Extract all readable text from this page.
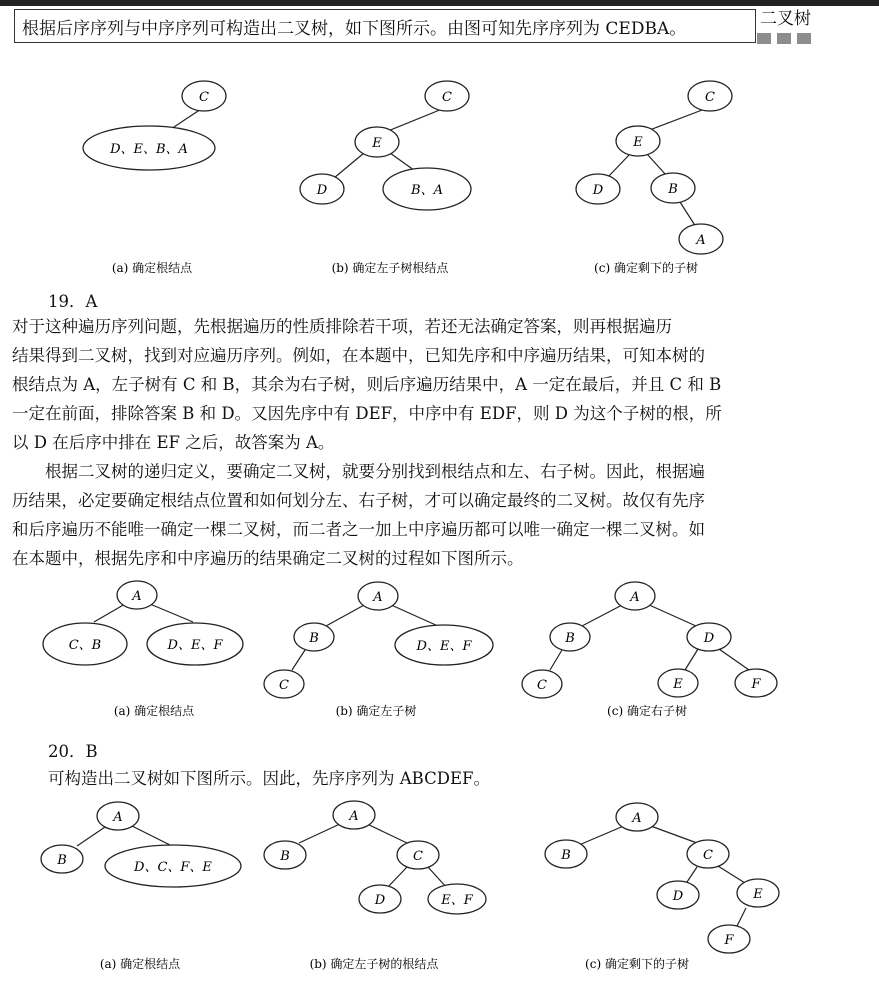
二叉树
根据后序序列与中序序列可构造出二叉树，如下图所示。由图可知先序序列为 CEDBA。
C
D、E、B、A
(a) 确定根结点
C
E
D	B、A
(b) 确定左子树根结点
C
E
D	B
A
(c) 确定剩下的子树
19．A
对于这种遍历序列问题，先根据遍历的性质排除若干项，若还无法确定答案，则再根据遍历
结果得到二叉树，找到对应遍历序列。例如，在本题中，已知先序和中序遍历结果，可知本树的
根结点为 A，左子树有 C 和 B，其余为右子树，则后序遍历结果中，A 一定在最后，并且 C 和 B
一定在前面，排除答案 B 和 D。又因先序中有 DEF，中序中有 EDF，则 D 为这个子树的根，所
以 D 在后序中排在 EF 之后，故答案为 A。
　　根据二叉树的递归定义，要确定二叉树，就要分别找到根结点和左、右子树。因此，根据遍
历结果，必定要确定根结点位置和如何划分左、右子树，才可以确定最终的二叉树。故仅有先序
和后序遍历不能唯一确定一棵二叉树，而二者之一加上中序遍历都可以唯一确定一棵二叉树。如
在本题中，根据先序和中序遍历的结果确定二叉树的过程如下图所示。
A
C、B	D、E、F
(a) 确定根结点
A
B
C
D、E、F
(b) 确定左子树
A
B
C
D
E	F
(c) 确定右子树
20．B
可构造出二叉树如下图所示。因此，先序序列为 ABCDEF。
A
B	D、C、F、E
(a) 确定根结点
A
B	C
D	E、F
(b) 确定左子树的根结点
A
B	C
D	E
F
(c) 确定剩下的子树
